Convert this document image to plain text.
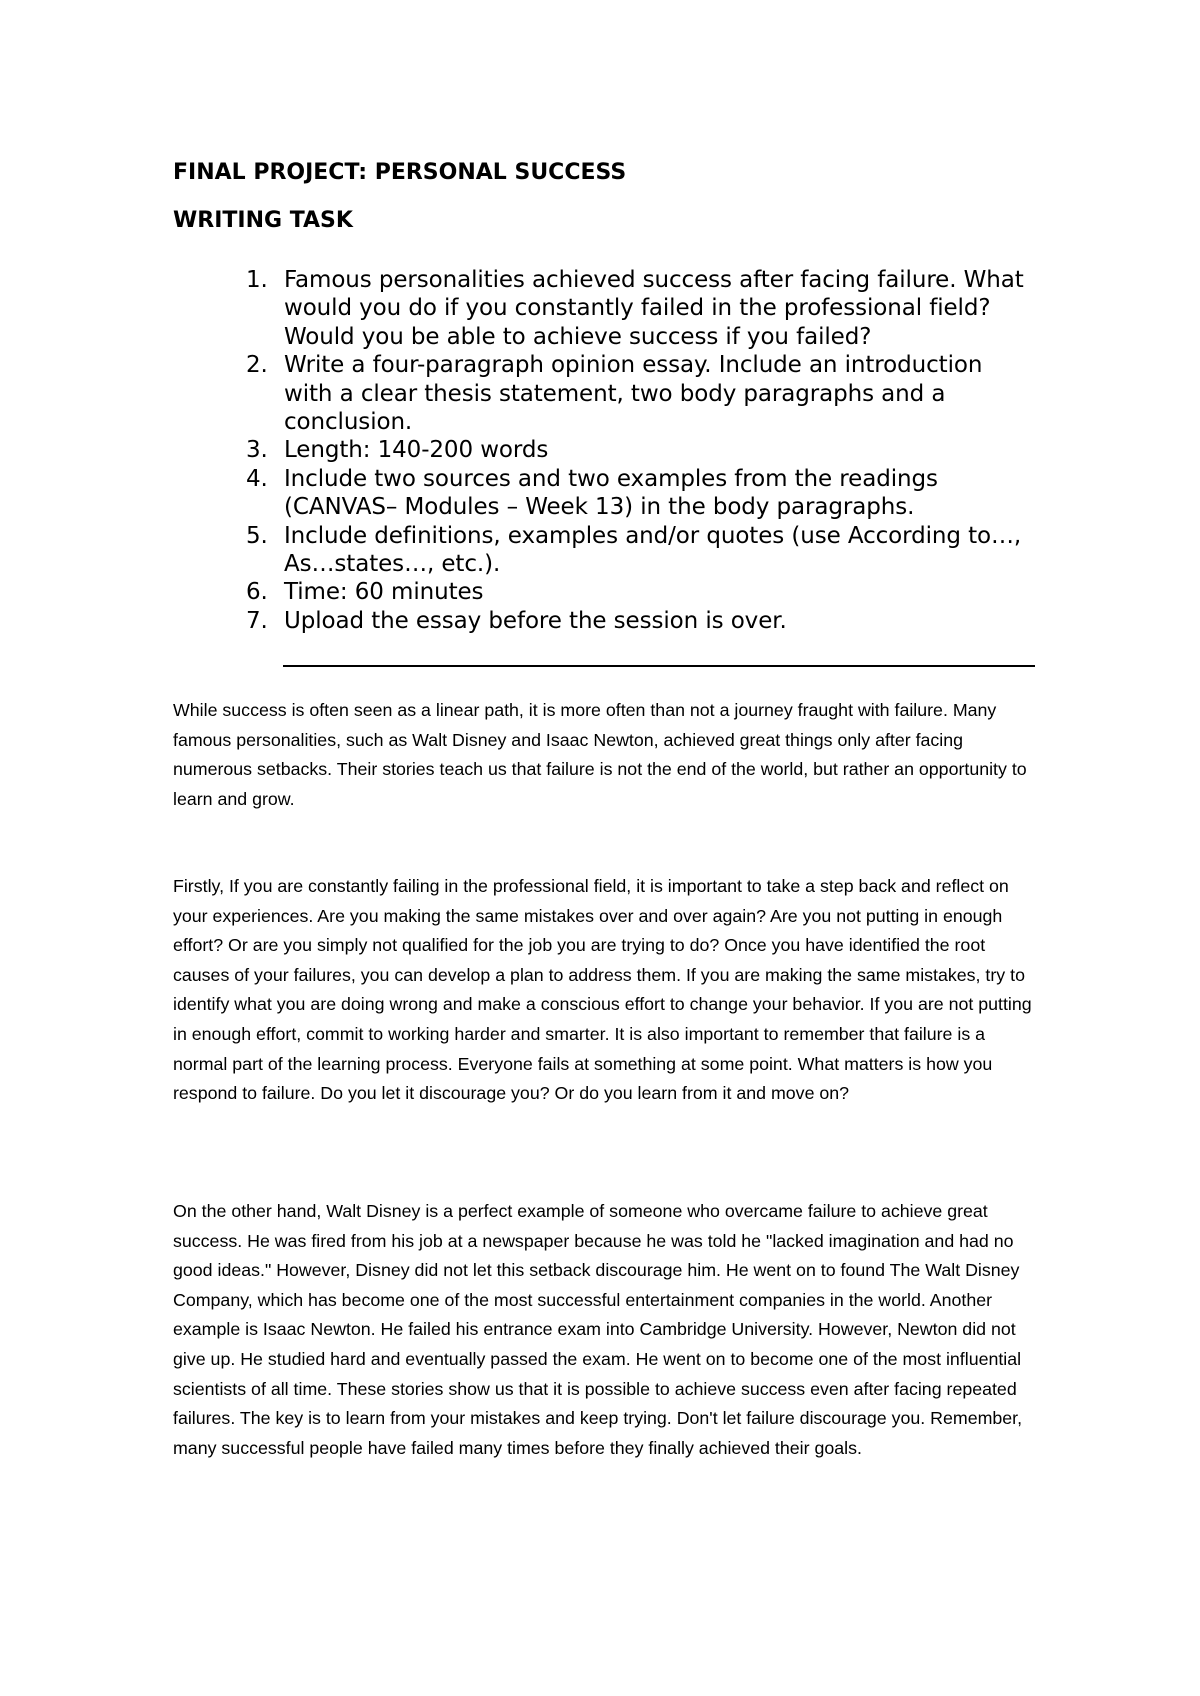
FINAL PROJECT: PERSONAL SUCCESS
WRITING TASK
1. Famous personalities achieved success after facing failure. What would you do if you constantly failed in the professional field? Would you be able to achieve success if you failed?
2. Write a four-paragraph opinion essay. Include an introduction with a clear thesis statement, two body paragraphs and a conclusion.
3. Length: 140-200 words
4. Include two sources and two examples from the readings (CANVAS– Modules – Week 13) in the body paragraphs.
5. Include definitions, examples and/or quotes (use According to…, As…states…, etc.).
6. Time: 60 minutes
7. Upload the essay before the session is over.

While success is often seen as a linear path, it is more often than not a journey fraught with failure. Many famous personalities, such as Walt Disney and Isaac Newton, achieved great things only after facing numerous setbacks. Their stories teach us that failure is not the end of the world, but rather an opportunity to learn and grow.

Firstly, If you are constantly failing in the professional field, it is important to take a step back and reflect on your experiences. Are you making the same mistakes over and over again? Are you not putting in enough effort? Or are you simply not qualified for the job you are trying to do? Once you have identified the root causes of your failures, you can develop a plan to address them. If you are making the same mistakes, try to identify what you are doing wrong and make a conscious effort to change your behavior. If you are not putting in enough effort, commit to working harder and smarter. It is also important to remember that failure is a normal part of the learning process. Everyone fails at something at some point. What matters is how you respond to failure. Do you let it discourage you? Or do you learn from it and move on?

On the other hand, Walt Disney is a perfect example of someone who overcame failure to achieve great success. He was fired from his job at a newspaper because he was told he "lacked imagination and had no good ideas." However, Disney did not let this setback discourage him. He went on to found The Walt Disney Company, which has become one of the most successful entertainment companies in the world. Another example is Isaac Newton. He failed his entrance exam into Cambridge University. However, Newton did not give up. He studied hard and eventually passed the exam. He went on to become one of the most influential scientists of all time. These stories show us that it is possible to achieve success even after facing repeated failures. The key is to learn from your mistakes and keep trying. Don't let failure discourage you. Remember, many successful people have failed many times before they finally achieved their goals.
